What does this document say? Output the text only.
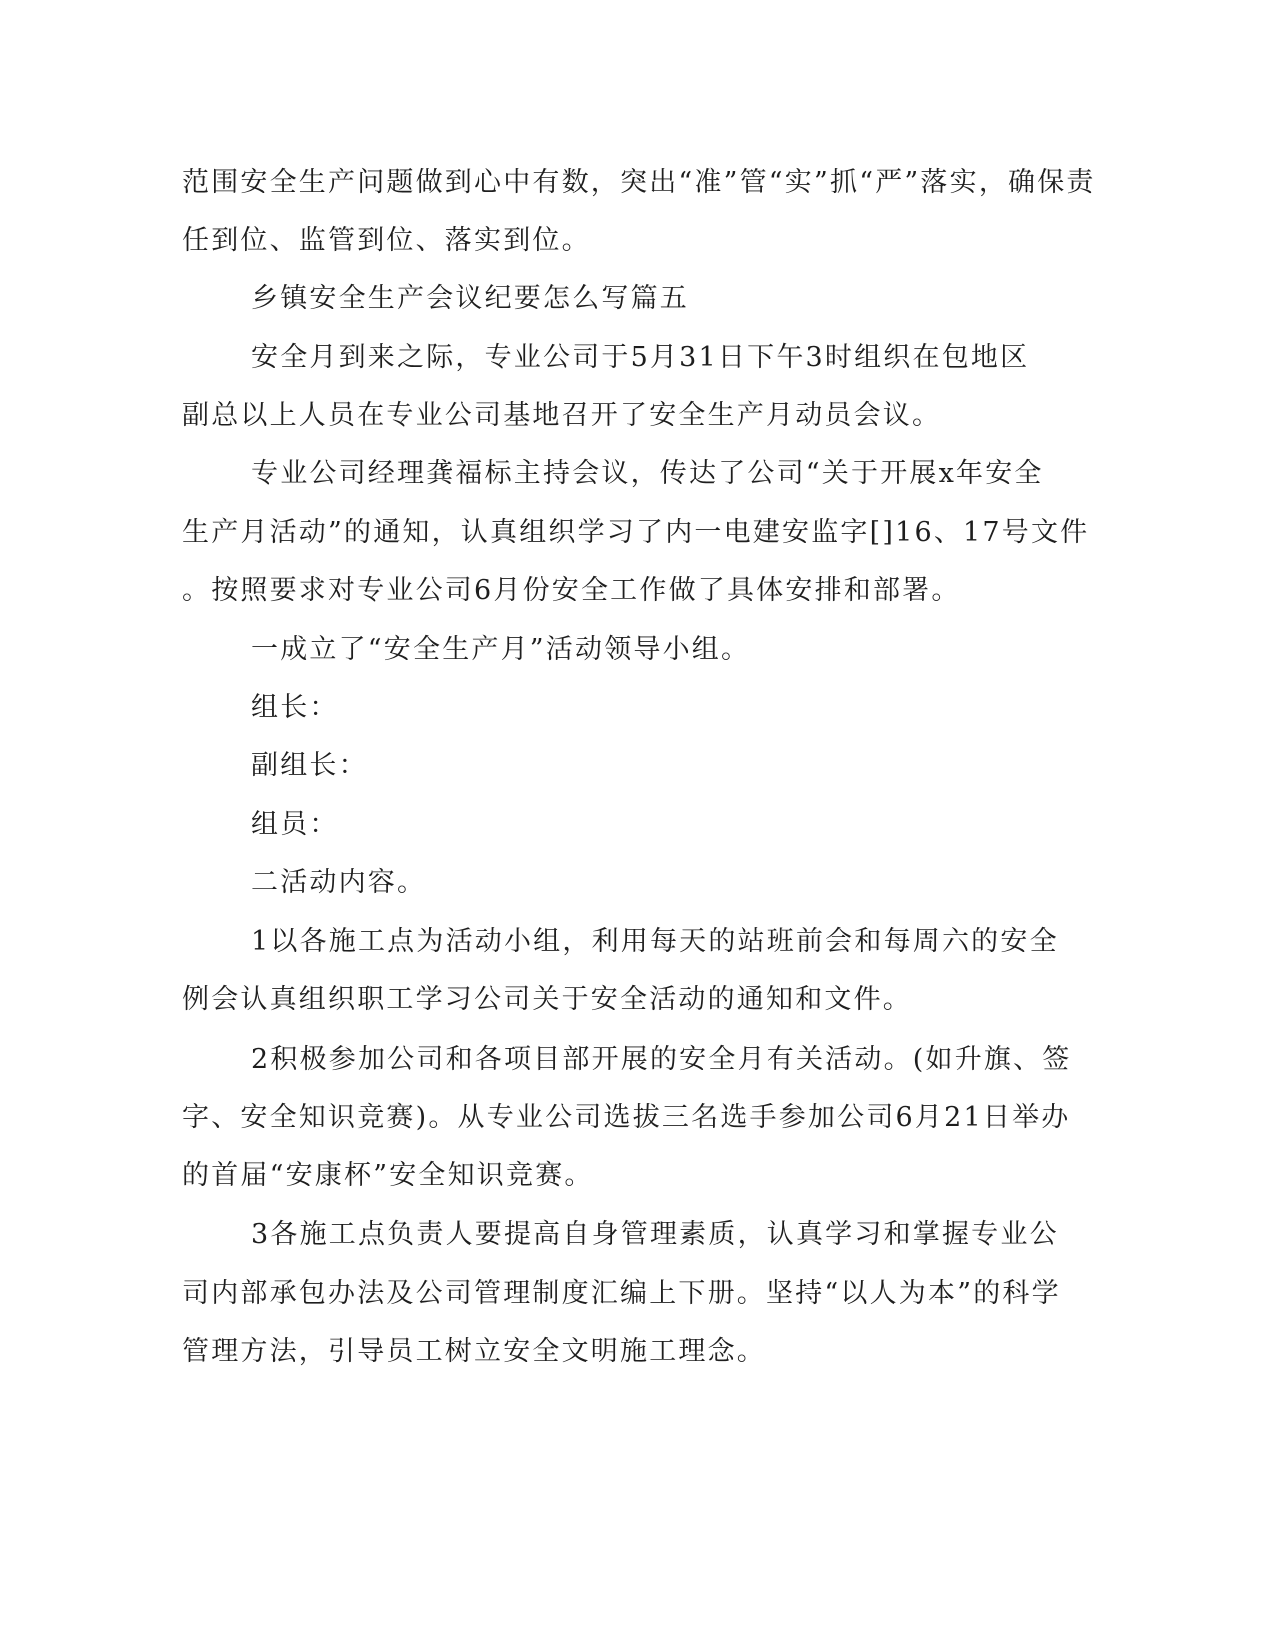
范围安全生产问题做到心中有数，突出“准”管“实”抓“严”落实，确保责

任到位、监管到位、落实到位。

乡镇安全生产会议纪要怎么写篇五

安全月到来之际，专业公司于5月31日下午3时组织在包地区

副总以上人员在专业公司基地召开了安全生产月动员会议。

专业公司经理龚福标主持会议，传达了公司“关于开展x年安全

生产月活动”的通知，认真组织学习了内一电建安监字[]16、17号文件

。按照要求对专业公司6月份安全工作做了具体安排和部署。

一成立了“安全生产月”活动领导小组。

组长：

副组长：

组员：

二活动内容。

1以各施工点为活动小组，利用每天的站班前会和每周六的安全

例会认真组织职工学习公司关于安全活动的通知和文件。

2积极参加公司和各项目部开展的安全月有关活动。(如升旗、签

字、安全知识竞赛)。从专业公司选拔三名选手参加公司6月21日举办

的首届“安康杯”安全知识竞赛。

3各施工点负责人要提高自身管理素质，认真学习和掌握专业公

司内部承包办法及公司管理制度汇编上下册。坚持“以人为本”的科学

管理方法，引导员工树立安全文明施工理念。
